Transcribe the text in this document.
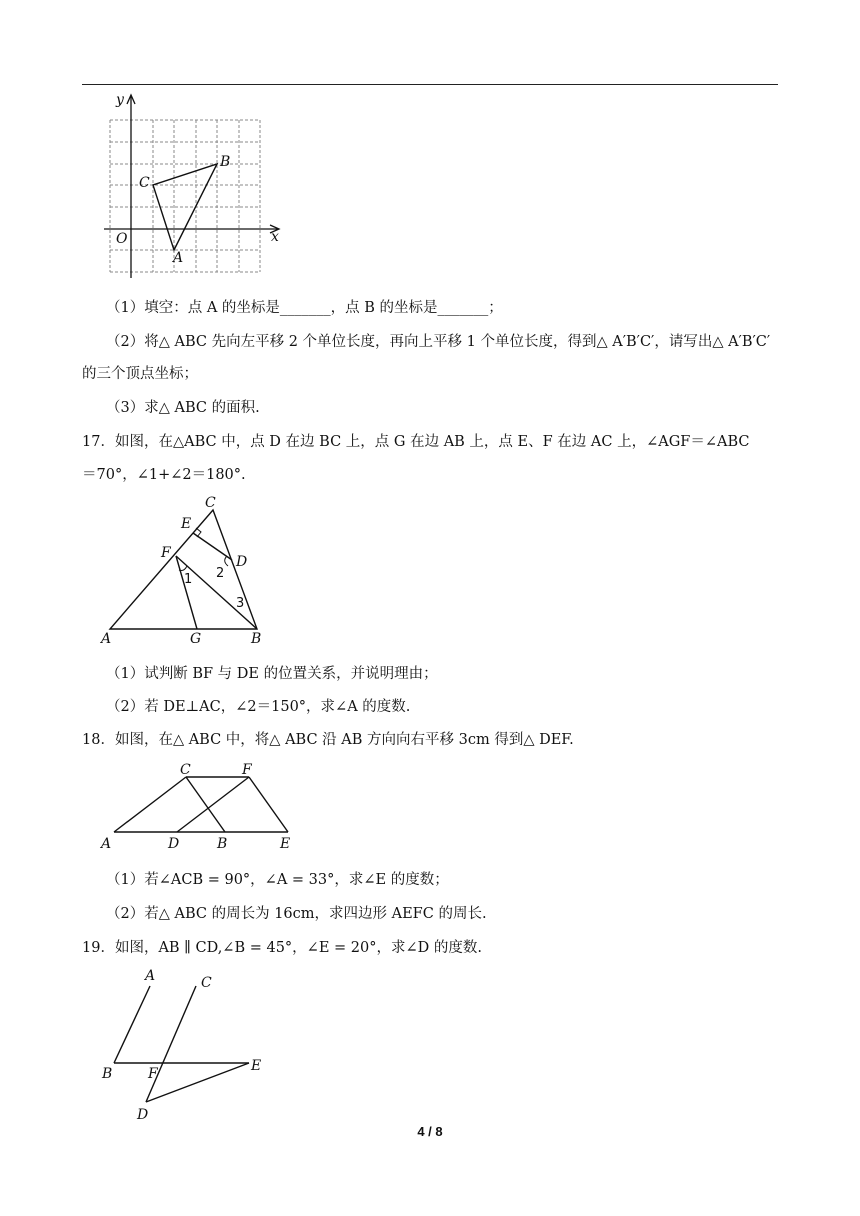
y
x
O
A
B
C
（1）填空：点 A 的坐标是_______，点 B 的坐标是_______；
（2）将△ ABC 先向左平移 2 个单位长度，再向上平移 1 个单位长度，得到△ A′B′C′，请写出△ A′B′C′
的三个顶点坐标；
（3）求△ ABC 的面积.
17．如图，在△ABC 中，点 D 在边 BC 上，点 G 在边 AB 上，点 E、F 在边 AC 上，∠AGF＝∠ABC
＝70°，∠1+∠2＝180°.
C
E
F
D
A	G	B
1 2
3
（1）试判断 BF 与 DE 的位置关系，并说明理由；
（2）若 DE⊥AC，∠2＝150°，求∠A 的度数.
18．如图，在△ ABC 中，将△ ABC 沿 AB 方向向右平移 3cm 得到△ DEF.
C	F
A	D	B	E
（1）若∠ACB = 90°，∠A = 33°，求∠E 的度数；
（2）若△ ABC 的周长为 16cm，求四边形 AEFC 的周长.
19．如图，AB ∥ CD,∠B = 45°，∠E = 20°，求∠D 的度数.
A	C
B	F	E
D
4 / 8
